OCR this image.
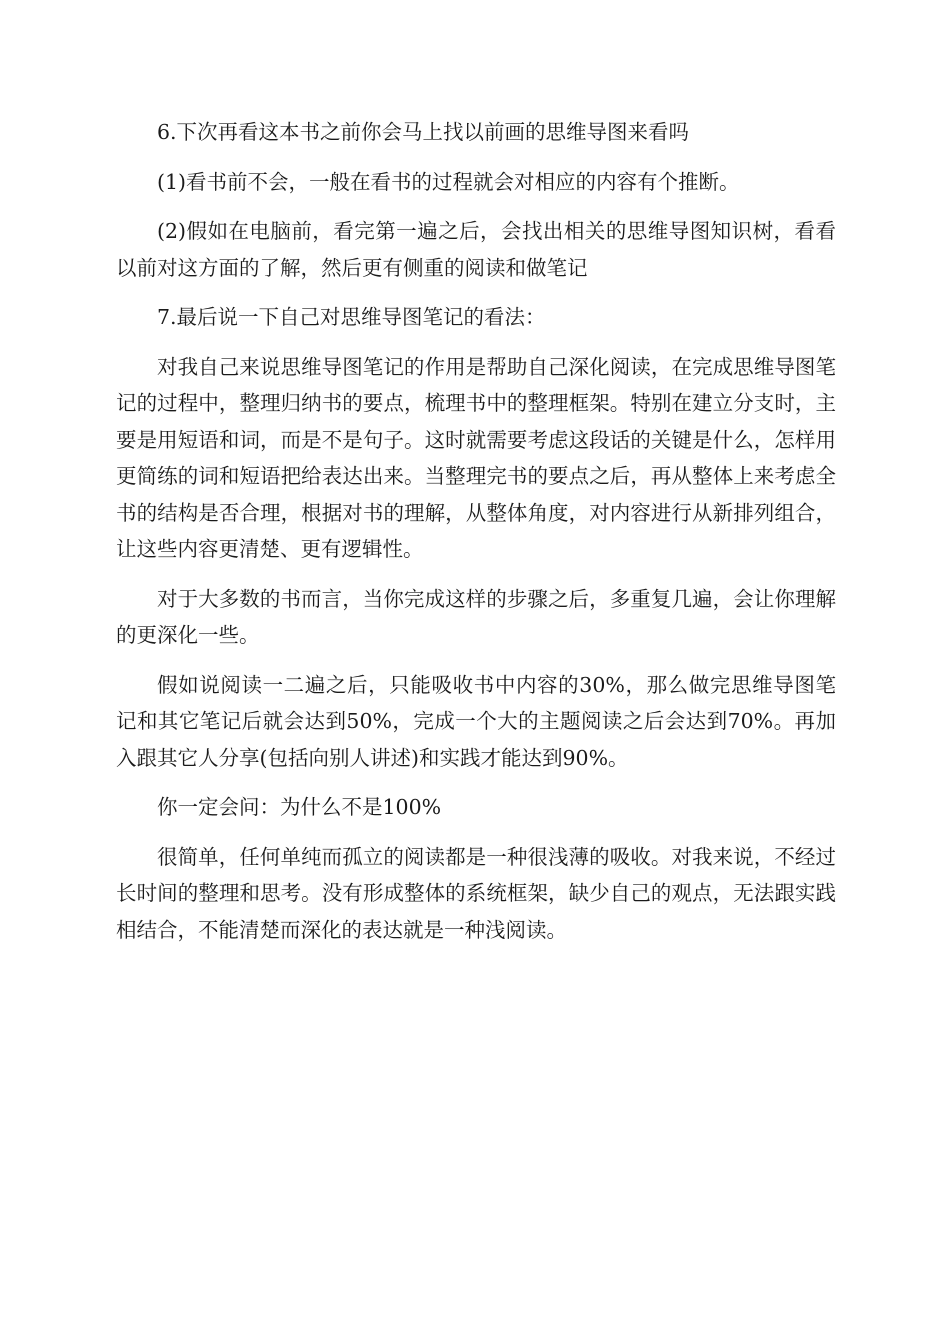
6.下次再看这本书之前你会马上找以前画的思维导图来看吗

(1)看书前不会，一般在看书的过程就会对相应的内容有个推断。

(2)假如在电脑前，看完第一遍之后，会找出相关的思维导图知识树，看看以前对这方面的了解，然后更有侧重的阅读和做笔记

7.最后说一下自己对思维导图笔记的看法：

对我自己来说思维导图笔记的作用是帮助自己深化阅读，在完成思维导图笔记的过程中，整理归纳书的要点，梳理书中的整理框架。特别在建立分支时，主要是用短语和词，而是不是句子。这时就需要考虑这段话的关键是什么，怎样用更简练的词和短语把给表达出来。当整理完书的要点之后，再从整体上来考虑全书的结构是否合理，根据对书的理解，从整体角度，对内容进行从新排列组合，让这些内容更清楚、更有逻辑性。

对于大多数的书而言，当你完成这样的步骤之后，多重复几遍，会让你理解的更深化一些。

假如说阅读一二遍之后，只能吸收书中内容的30%，那么做完思维导图笔记和其它笔记后就会达到50%，完成一个大的主题阅读之后会达到70%。再加入跟其它人分享(包括向别人讲述)和实践才能达到90%。

你一定会问：为什么不是100%

很简单，任何单纯而孤立的阅读都是一种很浅薄的吸收。对我来说，不经过长时间的整理和思考。没有形成整体的系统框架，缺少自己的观点，无法跟实践相结合，不能清楚而深化的表达就是一种浅阅读。
